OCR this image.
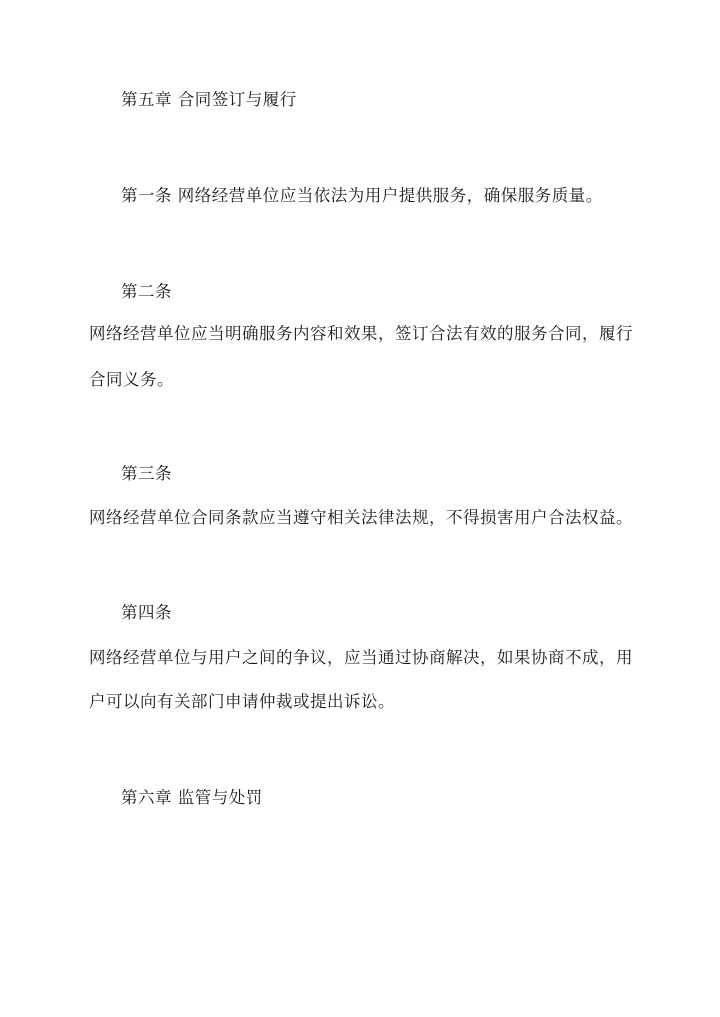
第五章 合同签订与履行
第一条 网络经营单位应当依法为用户提供服务，确保服务质量。
第二条
网络经营单位应当明确服务内容和效果，签订合法有效的服务合同，履行
合同义务。
第三条
网络经营单位合同条款应当遵守相关法律法规，不得损害用户合法权益。
第四条
网络经营单位与用户之间的争议，应当通过协商解决，如果协商不成，用
户可以向有关部门申请仲裁或提出诉讼。
第六章 监管与处罚
